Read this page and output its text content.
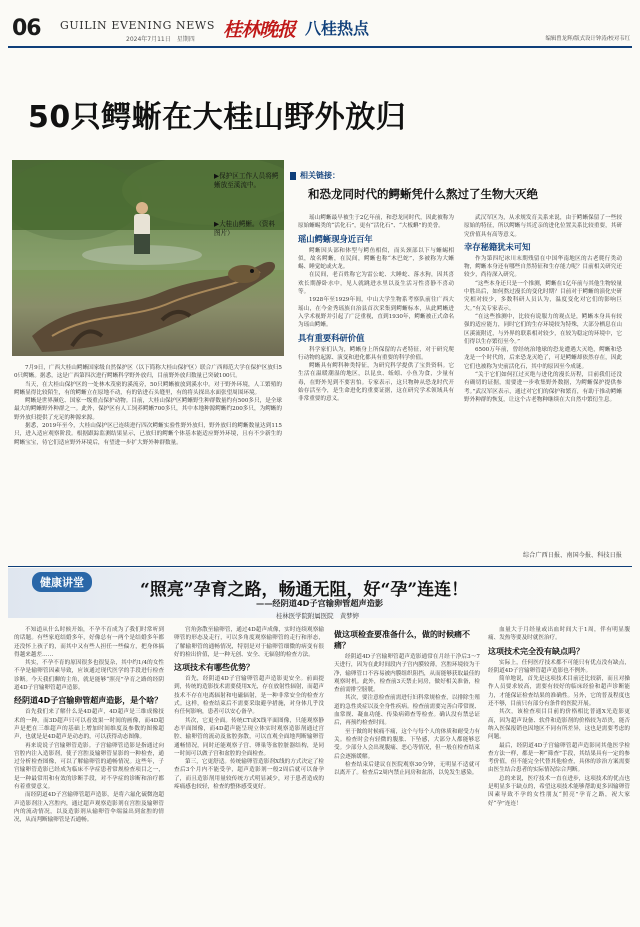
06 GUILIN EVENING NEWS
2024年7月11日　星期四 桂林晚报 八桂热点
编辑曾龙辉/版式设计钟涛/校对韦红
50只鳄蜥在大桂山野外放归
▶保护区工作人员将鳄蜥放至溪流中。
▶大桂山鳄蜥。（资料图片）

7月9日，广西大桂山鳄蜥国家级自然保护区（以下简称大桂山保护区）联合广西师范大学在保护区放归50只鳄蜥。据悉，这是广西第四次进行鳄蜥科学野外放归，目前野外放归数量已突破100只。

当天，在大桂山保护区的一处林木茂密的溪流旁，50只鳄蜥被放到溪水中。对于野外环境，人工繁殖的鳄蜥显得比较陌生，有的鳄蜥立在原地不动，有的钻进石头缝里，有的将头探出水面张望周围环境。

鳄蜥是世界濒危、国家一级重点保护动物。目前，大桂山保护区鳄蜥野生种群数量约有500多只，是全球最大的鳄蜥野外种群之一。此外，保护区有人工饲养鳄蜥700多只，其中本地种源鳄蜥约200多只，为鳄蜥的野外放归提供了充足的种源来源。

据悉，2019年至今，大桂山保护区已连续进行四次鳄蜥实验性野外放归，野外放归的鳄蜥数量达到115只，进入适应观察阶段。根据跟踪监测结果显示，已放归的鳄蜥个体基本能适应野外环境，且有不少新生的鳄蜥宝宝，待它们适应野外环境后，有望进一步扩大野外种群数量。

相关链接：
和恐龙同时代的鳄蜥凭什么熬过了生物大灭绝

瑶山鳄蜥最早被生于2亿年前，和恐龙同时代，因此被称为原始蜥蜴类的“活化石”，更有“活化石”、“大板蝌”的美誉。

瑶山鳄蜥现身近百年

鳄蜥因头部和体型与鳄鱼相似，而头颈部以下与蜥蜴相似，故名鳄蜥，在民间，鳄蜥也称“木巴蛇”，多被称为大蜥蜴、睡觉蛇或火龙。

在民间，老百姓称它为雷公蛇、大睡蛇、落水狗，因其喜欢长期静卧水中，见人就跳进水里以及生活习性喜静不喜动等。

1928年至1929年间，中山大学生物系考察队前往广西大瑶山，在今金秀瑶族自治县首次采集到鳄蜥标本，从此鳄蜥进入学术视野并引起了广泛重视，直到1930年，鳄蜥被正式命名为瑶山鳄蜥。

具有重要科研价值

科学家们认为，鳄蜥身上所保留的古老特征，对于研究爬行动物的起源、演变和进化都具有重要的科学价值。

鳄蜥具有鳄科种类特征，为研究科学提供了宝贵资料。它生活在温暖潮湿的地区，以昆虫、蚯蚓、小鱼为食，少量有毒，在野外见到不要害怕。专家表示，这只物种从恐龙时代开始存活至今，是生命进化的重要证据，这在研究学术领域具有非常重要的意义。

武汉军区为，从求规发育关系来说，由于鳄蜥保留了一些较原始的特征，所以鳄蜥与其近亲的进化位置关系比较重要，其研究价值具有高等意义。

幸存秘籍犹未可知

作为第四纪冰川末期残留在中国华南地区的古老爬行类动物，鳄蜥本身还有哪些自然特征和生存能力呢？目前相关研究还较少，尚待深入研究。

“这些本身还只是一个推测，鳄蜥在1亿年前与其他生物较量中胜出后，如何熬过漫长的变化时期？目前对于鳄蜥的演化史研究相对较少，多数科研人员认为，温度变化对它们的影响巨大。”有关专家表示。

“在这些推测中，比较有说服力的观点是，鳄蜥本身具有较强的适应能力，同时它们的生存环境较为特殊，大部分栖息在山区溪流附近，与外界的联系相对较少，在较为稳定的环境中，它们得以生存繁衍至今。”

6500万年前，曾经统治地球的恐龙遭遇大灭绝，鳄蜥和恐龙是一个时代的，后来恐龙灭绝了，可是鳄蜥却依然存在，因此它们也被称为史前活化石，其中的原因至今成谜。

“关于它们如何扛过灭绝与进化的漫长历程，目前我们还没有确切的证据，需要进一步收集野外数据，为鳄蜥保护提供参考。”武汉军区表示，通过对它们的保护和繁育，有助于推动鳄蜥野外种群的恢复，让这个古老物种继续在大自然中繁衍生息。

综合广西日报、南国今报、科技日报
健康讲堂	“照亮”孕育之路，畅通无阻，好“孕”连连！
——经阴道4D子宫输卵管超声造影
桂林医学院附属医院　黄梦婷

不知道从什么时候开始，不孕不育成为了我们时常听到的话题。有些家庭结婚多年，好像总有一两个是结婚多年都还没怀上孩子的，而其中又有些人担任一些偏方，把身体搞得越来越差……

其实，不孕不育的原因很多也很复杂，其中约1/4的女性不孕是输卵管因素导致，应该通过现代医学的手段进行检查诊断。今天我们聊的主角，就是能够“照亮”孕育之路的经阴道4D子宫输卵管超声造影。

经阴道4D子宫输卵管超声造影，是个啥？

首先我们来了解什么是4D超声，4D超声是三维成像技术的一种。而3D超声只可以看效果一时间的画像，而4D超声是把在三维超声的基础上增加时间维度及参数的图像超声，也就是是4D超声是动态的，可以获得动态图像。

再来说说子宫输卵管造影。子宫输卵管造影是指通过向宫腔内注入造影剂，使子宫腔及输卵管显影的一种检查，通过分析检查图像，可以了解输卵管的通畅情况。这些年，子宫输卵管造影已经成为临床不孕症患者常规检查项目之一，是一种最常用和有效的诊断手段，对不孕症的诊断和治疗都有着重要意义。

而经阴道4D子宫输卵管超声造影，是将六氟化硫微泡超声造影剂注入宫腔内，通过超声观察造影剂在宫腔及输卵管内的流动情况，以及造影剂从输卵管伞端溢出到盆腔的情况，从而判断输卵管是否通畅。

宫角弥散至输卵管，通过4D超声成像，实时连续观察输卵管的形态及走行，可以多角度观察输卵管的走行和形态，了解输卵管的通畅情况，特别是对于输卵管细微的病变有很好的检出价值，是一种无创、安全、无辐射的检查方法。

这项技术有哪些优势？

首先，经阴道4D子宫输卵管超声造影更安全。前面提到，传统的造影技术需要使用X光，存在放射性辐射，而超声技术不存在电离辐射和电磁辐射，是一种非常安全的检查方式。这样，检查结束后不需要采取避孕措施，对身体几乎没有任何影响，患者可以安心备孕。

其次，它更全面。传统CT或X线平面图像，只能观察静态平面图像，而4D超声能呈现立体实时观察造影剂通过宫腔、输卵管的流动及盆腔弥散，可以直观全面地判断输卵管通畅情况，同时还能观察子宫、卵巢等盆腔脏器结构，是同一时间可以做子宫和盆腔的全面检查。

第三，它更舒适。传统输卵管造影剂X线的方式决定了检查后3个月内不能受孕，超声造影剂一般2周后就可以备孕了，而且造影剂用量较传统方式明显减少，对于患者造成的疼痛感也较轻，检查的整体感受更好。

做这项检查要准备什么，做的时候痛不痛？

经阴道4D子宫输卵管超声造影通常在月经干净后3～7天进行，因为在此时间段内子宫内膜较薄，宫腔环境较为干净，输卵管口不容易被内膜组织阻挡，从而能够获取最佳的观察时机。此外，检查前3天禁止同房，做好相关准备，检查前需排空膀胱。

其次，要注意检查前需进行妇科常规检查，以排除生殖道的急性炎症以及全身性疾病。检查前需要完善白带常规、血常规、凝血功能、传染病筛查等检查。确认没有禁忌证后，再预约检查时间。

至于做的时候痛不痛，这个与每个人的体质和耐受力有关。检查时会有轻微的腹胀、下坠感，大部分人都能够忍受。少部分人会出现腹痛、恶心等情况，但一般在检查结束后会逐渐缓解。

检查结束后建议在医院观察30分钟，无明显不适就可以离开了。检查后2周内禁止同房和盆浴，以免发生感染。

血量大于月经量或出血时间大于1周，伴有明显腹痛、发热等要及时就医治疗。

这项技术完全没有缺点吗？

实际上，任何医疗技术都不可能只有优点没有缺点，经阴道4D子宫输卵管超声造影也不例外。

简单地说，首先是这项技术目前还比较新，而且对操作人员要求较高，需要有较好的临床经验和超声诊断能力，才能保证检查结果的准确性。另外，它的普及程度也还不够，目前只有部分有条件的医院开展。

其次，该检查项目目前的价格相比普通X光造影更高，因为超声设备、软件和造影剂的价格较为昂贵，能否纳入医保报销也因地区不同有所差异，这也是需要考虑的问题。

最后，经阴道4D子宫输卵管超声造影同其他医学检查方法一样，都是一种“筛查”手段，其结果具有一定的参考价值，但不能完全代替其他检查，具体的诊治方案需要由医生结合患者的实际情况综合判断。

总的来说，医疗技术一直在进步，这项技术的优点也是明显多于缺点的，希望这项技术能够帮助更多因输卵管因素导致不孕的女性朋友“照亮”孕育之路，祝大家好“孕”连连！
